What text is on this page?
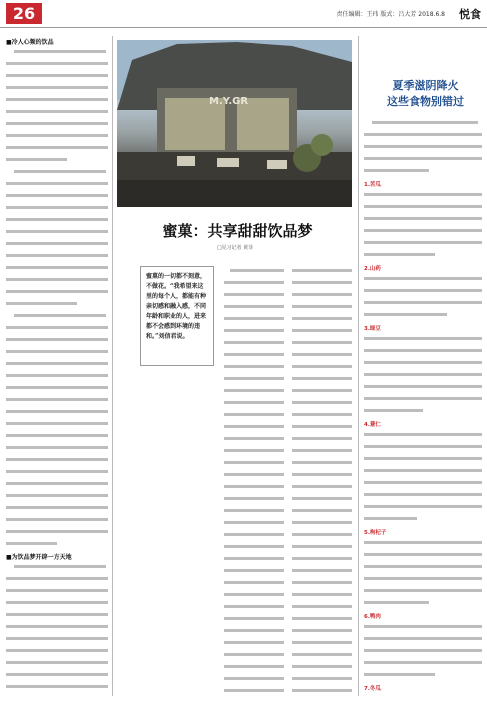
26	责任编辑：王玮 版式：吕大芳 2018.6.8 悦食
■冷人心频的饮品
■为饮品梦开辟一方天地
M.Y.GR
蜜菓：共享甜甜饮品梦
□见习记者 黄菲
蜜菓的一切都不刻意，不做花。“我希望来这里的每个人，都能有种亲切感和融入感，不同年龄和职业的人，进来都不会感到环境的违和。”刘信君说。
夏季滋阴降火
这些食物别错过
1.苦瓜
2.山药
3.绿豆
4.薏仁
5.枸杞子
6.鸭肉
7.冬瓜
